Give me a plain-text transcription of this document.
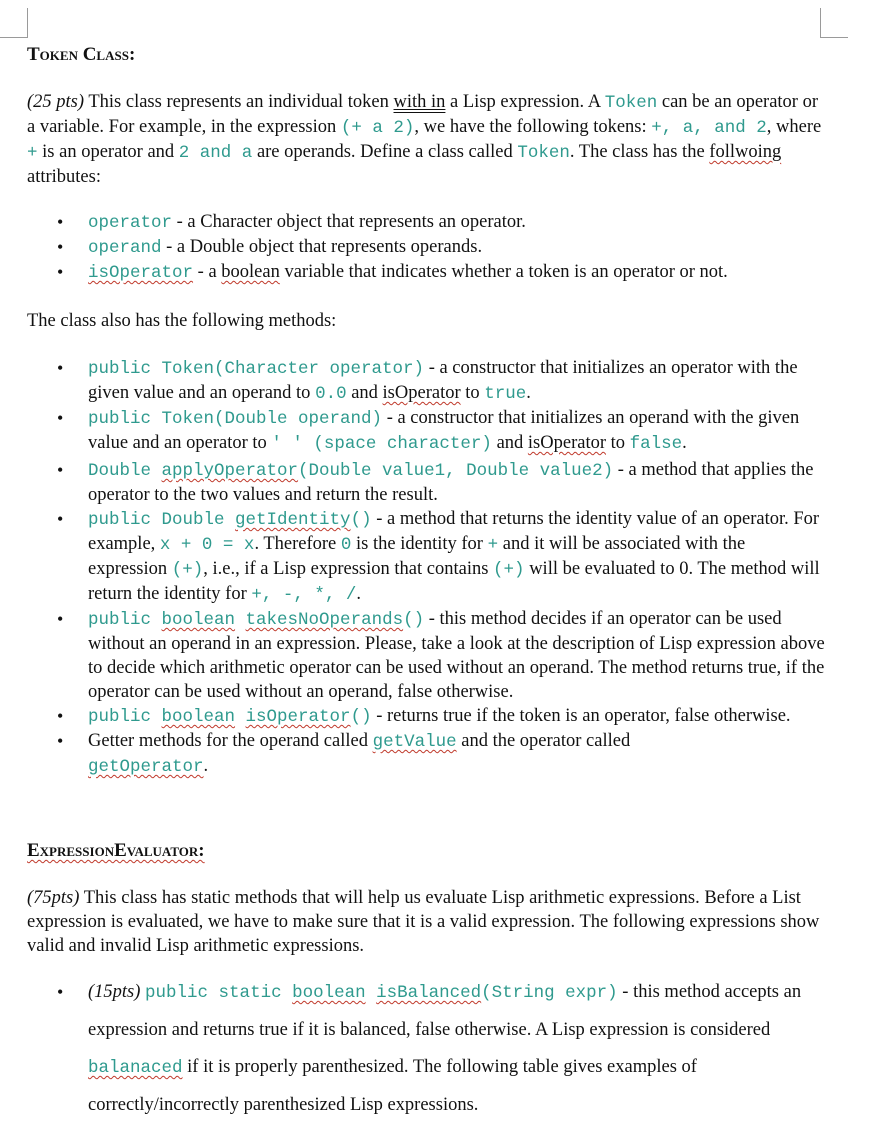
Token Class:

(25 pts) This class represents an individual token with in a Lisp expression. A Token can be an operator or a variable. For example, in the expression (+ a 2), we have the following tokens: +, a, and 2, where + is an operator and 2 and a are operands. Define a class called Token. The class has the follwoing attributes:

• operator - a Character object that represents an operator.
• operand - a Double object that represents operands.
• isOperator - a boolean variable that indicates whether a token is an operator or not.

The class also has the following methods:

• public Token(Character operator) - a constructor that initializes an operator with the given value and an operand to 0.0 and isOperator to true.
• public Token(Double operand) - a constructor that initializes an operand with the given value and an operator to ' ' (space character) and isOperator to false.
• Double applyOperator(Double value1, Double value2) - a method that applies the operator to the two values and return the result.
• public Double getIdentity() - a method that returns the identity value of an operator. For example, x + 0 = x. Therefore 0 is the identity for + and it will be associated with the expression (+), i.e., if a Lisp expression that contains (+) will be evaluated to 0. The method will return the identity for +, -, *, /.
• public boolean takesNoOperands() - this method decides if an operator can be used without an operand in an expression. Please, take a look at the description of Lisp expression above to decide which arithmetic operator can be used without an operand. The method returns true, if the operator can be used without an operand, false otherwise.
• public boolean isOperator() - returns true if the token is an operator, false otherwise.
• Getter methods for the operand called getValue and the operator called getOperator.
ExpressionEvaluator:

(75pts) This class has static methods that will help us evaluate Lisp arithmetic expressions. Before a List expression is evaluated, we have to make sure that it is a valid expression. The following expressions show valid and invalid Lisp arithmetic expressions.

• (15pts) public static boolean isBalanced(String expr) - this method accepts an expression and returns true if it is balanced, false otherwise. A Lisp expression is considered balanaced if it is properly parenthesized. The following table gives examples of correctly/incorrectly parenthesized Lisp expressions.
